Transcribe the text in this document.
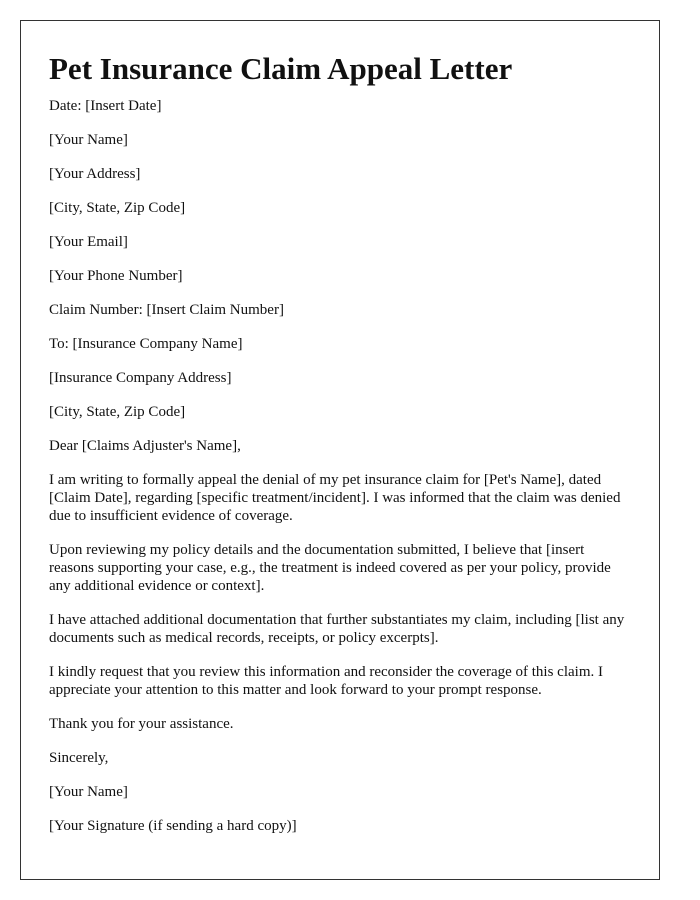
Pet Insurance Claim Appeal Letter
Date: [Insert Date]
[Your Name]
[Your Address]
[City, State, Zip Code]
[Your Email]
[Your Phone Number]
Claim Number: [Insert Claim Number]
To: [Insurance Company Name]
[Insurance Company Address]
[City, State, Zip Code]
Dear [Claims Adjuster's Name],

I am writing to formally appeal the denial of my pet insurance claim for [Pet's Name], dated [Claim Date], regarding [specific treatment/incident]. I was informed that the claim was denied due to insufficient evidence of coverage.

Upon reviewing my policy details and the documentation submitted, I believe that [insert reasons supporting your case, e.g., the treatment is indeed covered as per your policy, provide any additional evidence or context].

I have attached additional documentation that further substantiates my claim, including [list any documents such as medical records, receipts, or policy excerpts].

I kindly request that you review this information and reconsider the coverage of this claim. I appreciate your attention to this matter and look forward to your prompt response.

Thank you for your assistance.
Sincerely,
[Your Name]
[Your Signature (if sending a hard copy)]
